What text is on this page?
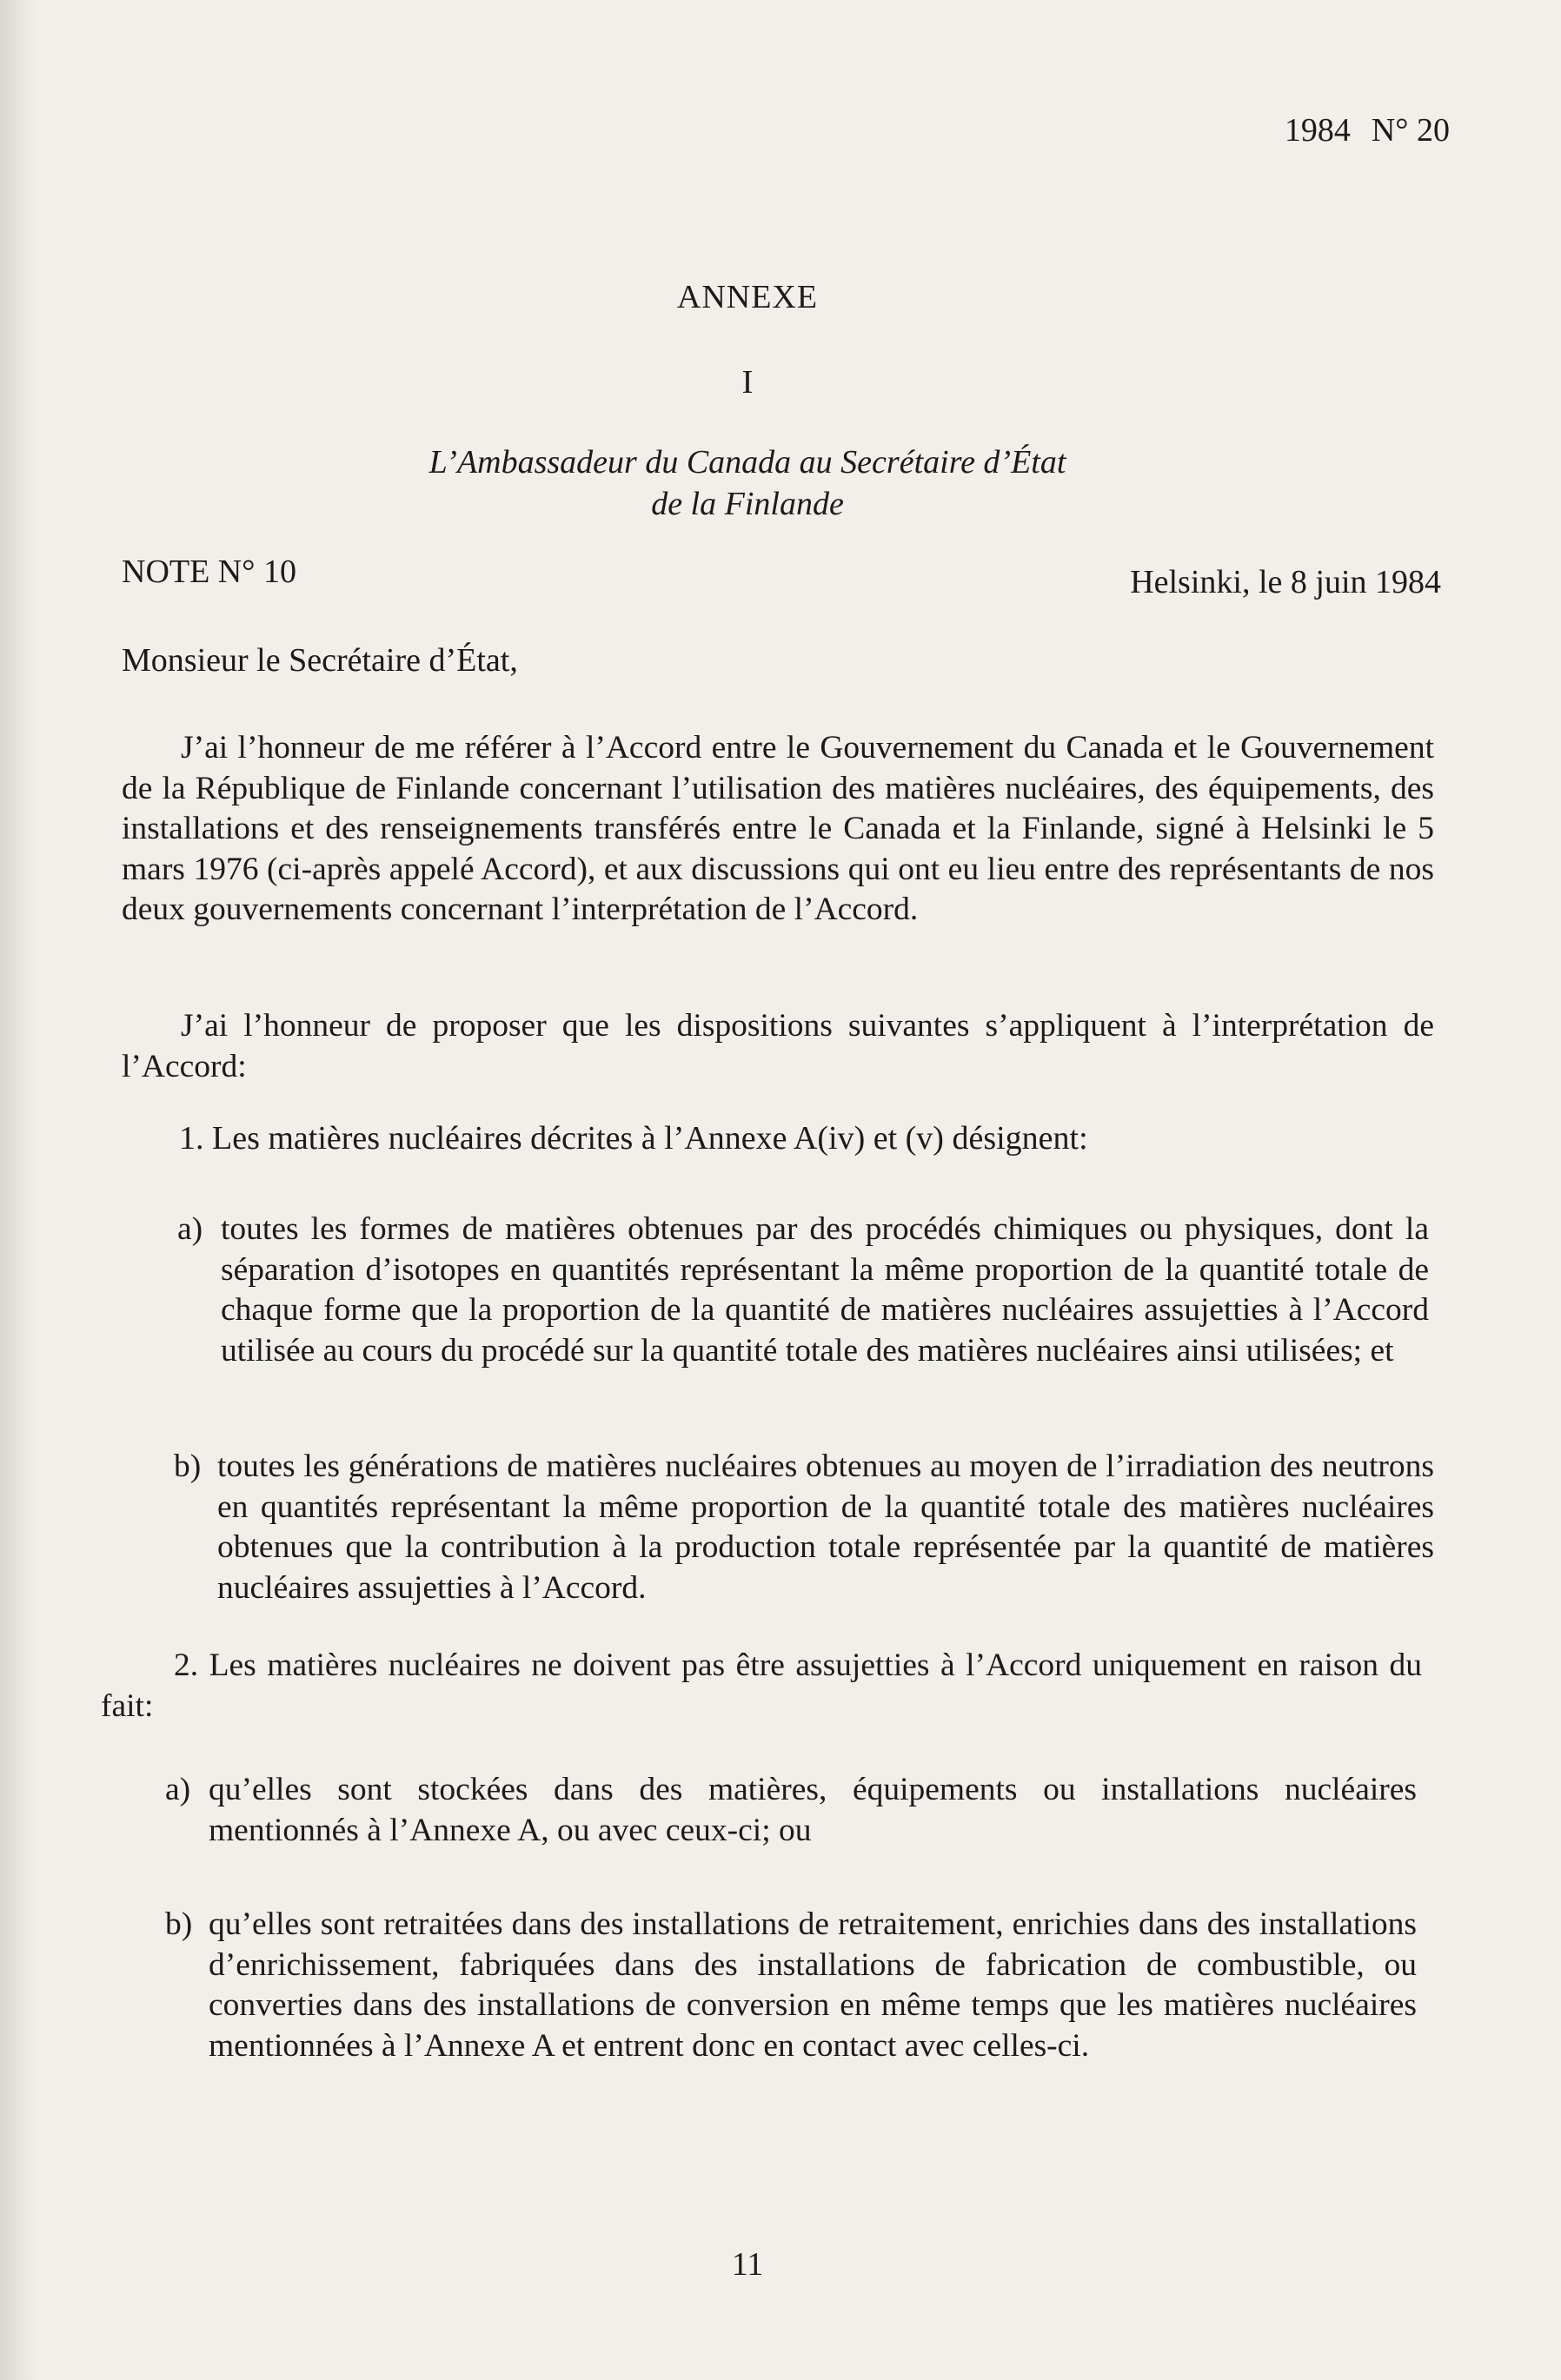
1984 N° 20
ANNEXE
I
L’Ambassadeur du Canada au Secrétaire d’État
de la Finlande
NOTE N° 10	Helsinki, le 8 juin 1984
Monsieur le Secrétaire d’État,
J’ai l’honneur de me référer à l’Accord entre le Gouvernement du Canada et le Gouvernement de la République de Finlande concernant l’utilisation des matières nucléaires, des équipements, des installations et des renseignements transférés entre le Canada et la Finlande, signé à Helsinki le 5 mars 1976 (ci-après appelé Accord), et aux discussions qui ont eu lieu entre des représentants de nos deux gouvernements concernant l’interprétation de l’Accord.
J’ai l’honneur de proposer que les dispositions suivantes s’appliquent à l’interprétation de l’Accord:
1. Les matières nucléaires décrites à l’Annexe A(iv) et (v) désignent:
a) toutes les formes de matières obtenues par des procédés chimiques ou physiques, dont la séparation d’isotopes en quantités représentant la même proportion de la quantité totale de chaque forme que la proportion de la quantité de matières nucléaires assujetties à l’Accord utilisée au cours du procédé sur la quantité totale des matières nucléaires ainsi utilisées; et
b) toutes les générations de matières nucléaires obtenues au moyen de l’irradiation des neutrons en quantités représentant la même proportion de la quantité totale des matières nucléaires obtenues que la contribution à la production totale représentée par la quantité de matières nucléaires assujetties à l’Accord.
2. Les matières nucléaires ne doivent pas être assujetties à l’Accord uniquement en raison du fait:
a) qu’elles sont stockées dans des matières, équipements ou installations nucléaires mentionnés à l’Annexe A, ou avec ceux-ci; ou
b) qu’elles sont retraitées dans des installations de retraitement, enrichies dans des installations d’enrichissement, fabriquées dans des installations de fabrication de combustible, ou converties dans des installations de conversion en même temps que les matières nucléaires mentionnées à l’Annexe A et entrent donc en contact avec celles-ci.
11
